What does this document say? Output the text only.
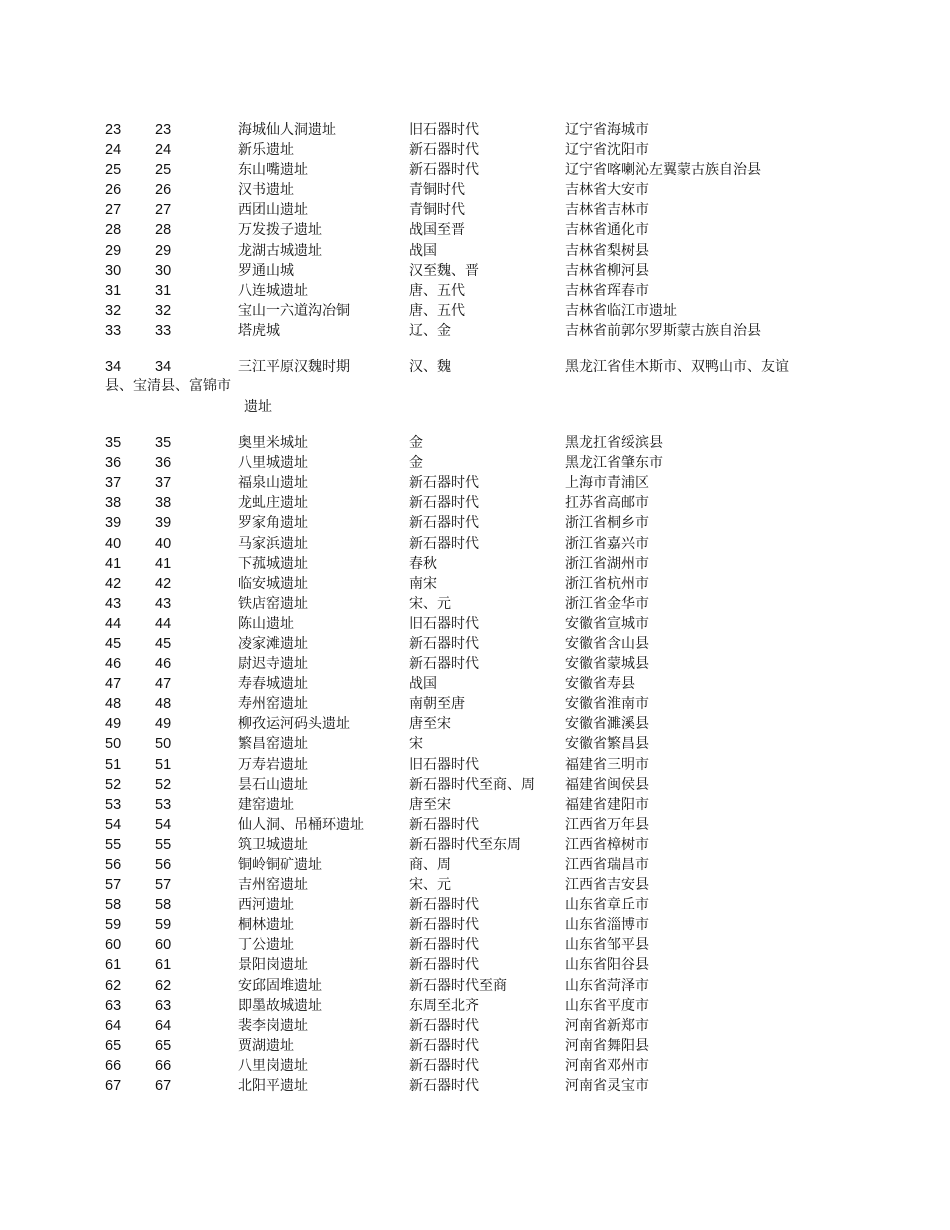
23 23	海城仙人洞遗址	旧石器时代	辽宁省海城市
24 24	新乐遗址	新石器时代	辽宁省沈阳市
25 25	东山嘴遗址	新石器时代	辽宁省喀喇沁左翼蒙古族自治县
26 26	汉书遗址	青铜时代	吉林省大安市
27 27	西团山遗址	青铜时代	吉林省吉林市
28 28	万发拨子遗址	战国至晋	吉林省通化市
29 29	龙湖古城遗址	战国	吉林省梨树县
30 30	罗通山城	汉至魏、晋	吉林省柳河县
31 31	八连城遗址	唐、五代	吉林省珲春市
32 32	宝山一六道沟冶铜	唐、五代	吉林省临江市遗址
33 33	塔虎城	辽、金	吉林省前郭尔罗斯蒙古族自治县
34 34	三江平原汉魏时期	汉、魏	黑龙江省佳木斯市、双鸭山市、友谊
县、宝清县、富锦市
遗址
35 35	奥里米城址	金	黑龙扛省绥滨县
36 36	八里城遗址	金	黑龙江省肇东市
37 37	福泉山遗址	新石器时代	上海市青浦区
38 38	龙虬庄遗址	新石器时代	扛苏省高邮市
39 39	罗家角遗址	新石器时代	浙江省桐乡市
40 40	马家浜遗址	新石器时代	浙江省嘉兴市
41 41	下菰城遗址	春秋	浙江省湖州市
42 42	临安城遗址	南宋	浙江省杭州市
43 43	铁店窑遗址	宋、元	浙江省金华市
44 44	陈山遗址	旧石器时代	安徽省宣城市
45 45	凌家滩遗址	新石器时代	安徽省含山县
46 46	尉迟寺遗址	新石器时代	安徽省蒙城县
47 47	寿春城遗址	战国	安徽省寿县
48 48	寿州窑遗址	南朝至唐	安徽省淮南市
49 49	柳孜运河码头遗址	唐至宋	安徽省濉溪县
50 50	繁昌窑遗址	宋	安徽省繁昌县
51 51	万寿岩遗址	旧石器时代	福建省三明市
52 52	昙石山遗址	新石器时代至商、周 福建省闽侯县
53 53	建窑遗址	唐至宋	福建省建阳市
54 54	仙人洞、吊桶环遗址	新石器时代	江西省万年县
55 55	筑卫城遗址	新石器时代至东周	江西省樟树市
56 56	铜岭铜矿遗址	商、周	江西省瑞昌市
57 57	吉州窑遗址	宋、元	江西省吉安县
58 58	西河遗址	新石器时代	山东省章丘市
59 59	桐林遗址	新石器时代	山东省淄博市
60 60	丁公遗址	新石器时代	山东省邹平县
61 61	景阳岗遗址	新石器时代	山东省阳谷县
62 62	安邱固堆遗址	新石器时代至商	山东省菏泽市
63 63	即墨故城遗址	东周至北齐	山东省平度市
64 64	裴李岗遗址	新石器时代	河南省新郑市
65 65	贾湖遗址	新石器时代	河南省舞阳县
66 66	八里岗遗址	新石器时代	河南省邓州市
67 67	北阳平遗址	新石器时代	河南省灵宝市
